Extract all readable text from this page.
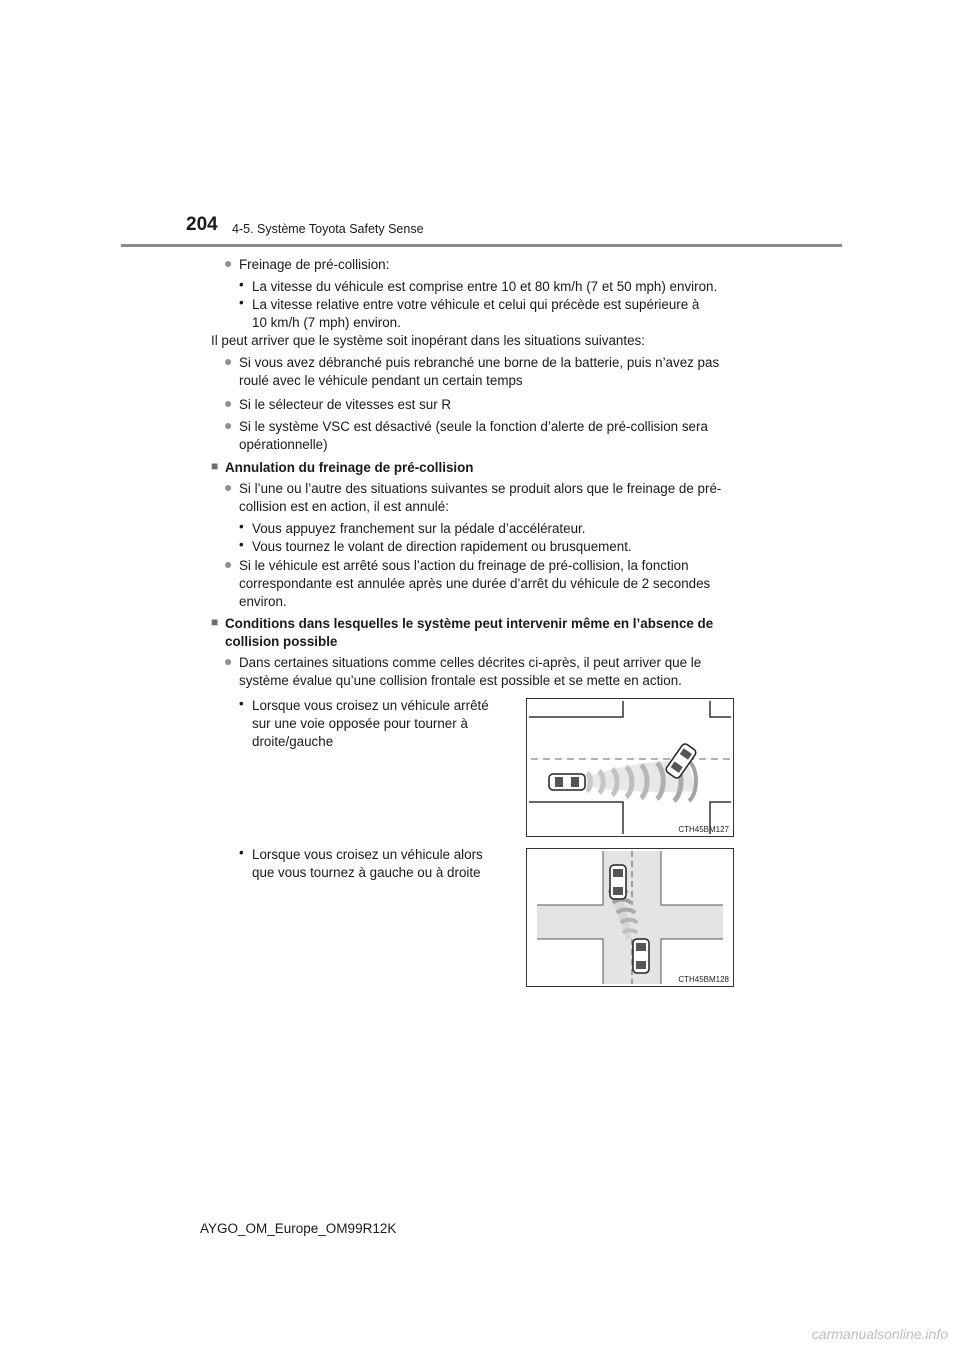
204 4-5. Système Toyota Safety Sense
● Freinage de pré-collision:
• La vitesse du véhicule est comprise entre 10 et 80 km/h (7 et 50 mph) environ.
• La vitesse relative entre votre véhicule et celui qui précède est supérieure à
10 km/h (7 mph) environ.
Il peut arriver que le système soit inopérant dans les situations suivantes:
● Si vous avez débranché puis rebranché une borne de la batterie, puis n’avez pas
roulé avec le véhicule pendant un certain temps
● Si le sélecteur de vitesses est sur R
● Si le système VSC est désactivé (seule la fonction d’alerte de pré-collision sera
opérationnelle)
■ Annulation du freinage de pré-collision
● Si l’une ou l’autre des situations suivantes se produit alors que le freinage de pré-
collision est en action, il est annulé:
• Vous appuyez franchement sur la pédale d’accélérateur.
• Vous tournez le volant de direction rapidement ou brusquement.
● Si le véhicule est arrêté sous l’action du freinage de pré-collision, la fonction
correspondante est annulée après une durée d’arrêt du véhicule de 2 secondes
environ.
■ Conditions dans lesquelles le système peut intervenir même en l’absence de
collision possible
● Dans certaines situations comme celles décrites ci-après, il peut arriver que le
système évalue qu’une collision frontale est possible et se mette en action.
• Lorsque vous croisez un véhicule arrêté
sur une voie opposée pour tourner à
droite/gauche
CTH45BM127
• Lorsque vous croisez un véhicule alors
que vous tournez à gauche ou à droite
CTH45BM128
AYGO_OM_Europe_OM99R12K
carmanualsonline.info
